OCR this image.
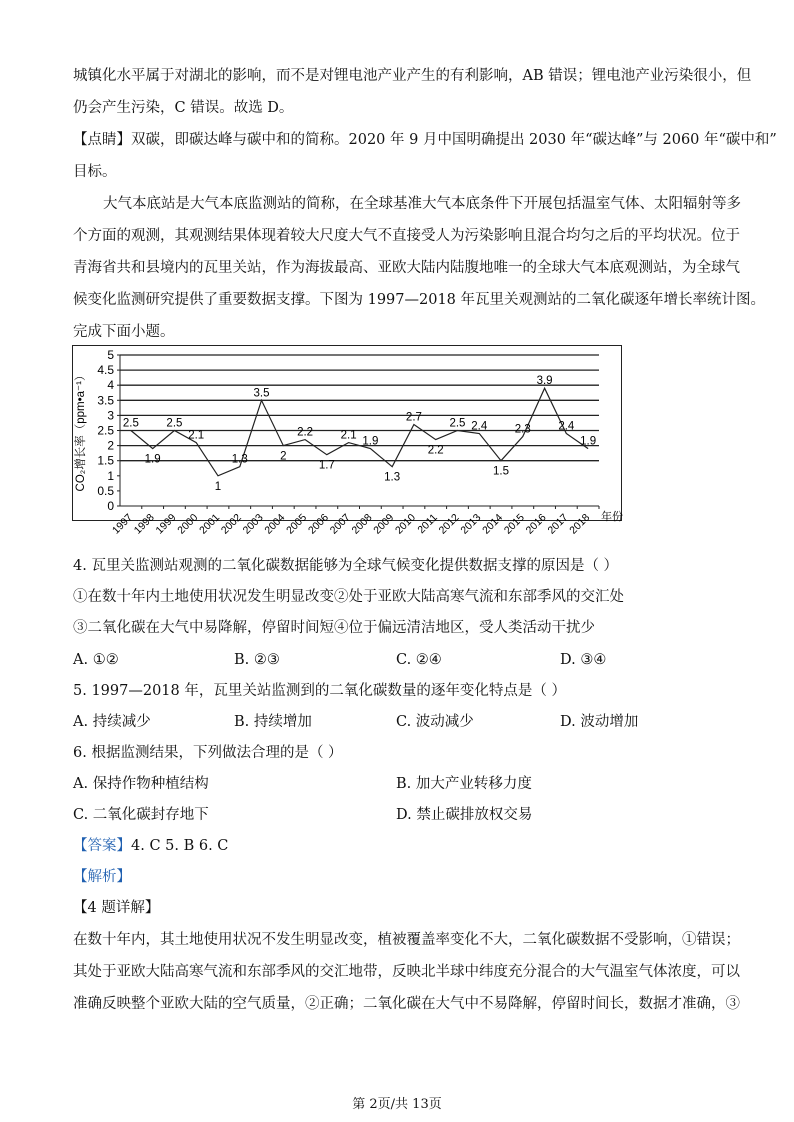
城镇化水平属于对湖北的影响，而不是对锂电池产业产生的有利影响，AB 错误；锂电池产业污染很小，但
仍会产生污染，C 错误。故选 D。
【点睛】双碳，即碳达峰与碳中和的简称。2020 年 9 月中国明确提出 2030 年“碳达峰”与 2060 年“碳中和”
目标。
大气本底站是大气本底监测站的简称，在全球基准大气本底条件下开展包括温室气体、太阳辐射等多
个方面的观测，其观测结果体现着较大尺度大气不直接受人为污染影响且混合均匀之后的平均状况。位于
青海省共和县境内的瓦里关站，作为海拔最高、亚欧大陆内陆腹地唯一的全球大气本底观测站，为全球气
候变化监测研究提供了重要数据支撑。下图为 1997—2018 年瓦里关观测站的二氧化碳逐年增长率统计图。
完成下面小题。
0
0.5
1
1.5
2
2.5
3
3.5
4
4.5
5
1997
1998
1999
2000
2001
2002
2003
2004
2005
2006
2007
2008
2009
2010
2011
2012
2013
2014
2015
2016
2017
2018 年份
CO₂增长率（ppm•a⁻¹）	2.5
1.9
2.5
2.1
1
1.3
3.5
2
2.2
1.7
2.1
1.9
1.3
2.7
2.2
2.5 2.4
1.5
2.3
3.9
2.4
1.9
4. 瓦里关监测站观测的二氧化碳数据能够为全球气候变化提供数据支撑的原因是（ ）
①在数十年内土地使用状况发生明显改变②处于亚欧大陆高寒气流和东部季风的交汇处
③二氧化碳在大气中易降解，停留时间短④位于偏远清洁地区，受人类活动干扰少
A. ①②	B. ②③	C. ②④	D. ③④
5. 1997—2018 年，瓦里关站监测到的二氧化碳数量的逐年变化特点是（ ）
A. 持续减少	B. 持续增加	C. 波动减少	D. 波动增加
6. 根据监测结果，下列做法合理的是（ ）
A. 保持作物种植结构	B. 加大产业转移力度
C. 二氧化碳封存地下	D. 禁止碳排放权交易
【答案】4. C 5. B 6. C
【解析】
【4 题详解】
在数十年内，其土地使用状况不发生明显改变，植被覆盖率变化不大，二氧化碳数据不受影响，①错误；
其处于亚欧大陆高寒气流和东部季风的交汇地带，反映北半球中纬度充分混合的大气温室气体浓度，可以
准确反映整个亚欧大陆的空气质量，②正确；二氧化碳在大气中不易降解，停留时间长，数据才准确，③
第 2页/共 13页
